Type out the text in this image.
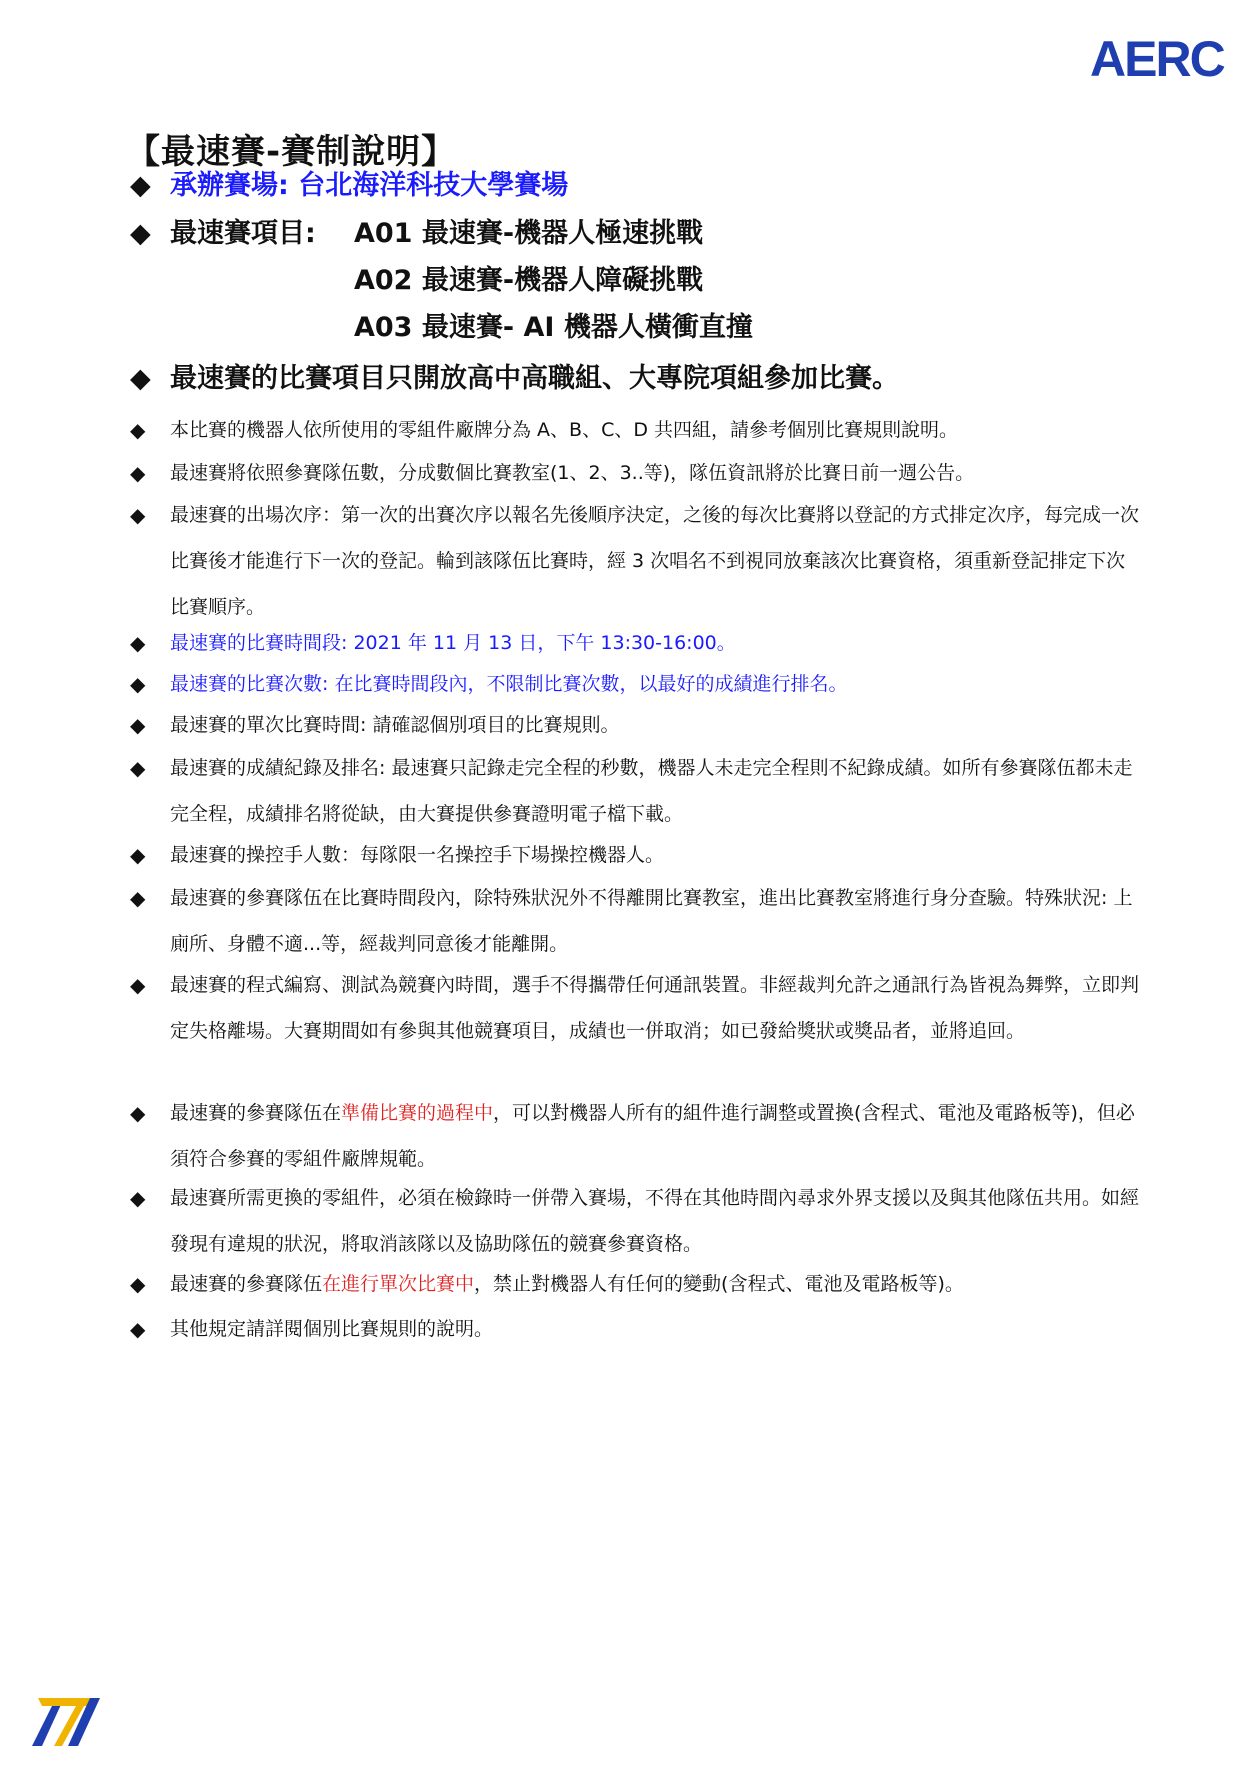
AERC
【最速賽-賽制說明】
◆ 承辦賽場: 台北海洋科技大學賽場
◆ 最速賽項目: A01 最速賽-機器人極速挑戰
A02 最速賽-機器人障礙挑戰
A03 最速賽- AI 機器人橫衝直撞
◆ 最速賽的比賽項目只開放高中高職組、大專院項組參加比賽。
◆	本比賽的機器人依所使用的零組件廠牌分為 A、B、C、D 共四組，請參考個別比賽規則說明。
◆	最速賽將依照參賽隊伍數，分成數個比賽教室(1、2、3..等)，隊伍資訊將於比賽日前一週公告。
◆	最速賽的出場次序：第一次的出賽次序以報名先後順序決定，之後的每次比賽將以登記的方式排定次序，每完成一次比賽後才能進行下一次的登記。輪到該隊伍比賽時，經 3 次唱名不到視同放棄該次比賽資格，須重新登記排定下次比賽順序。
◆	最速賽的比賽時間段: 2021 年 11 月 13 日，下午 13:30-16:00。
◆	最速賽的比賽次數: 在比賽時間段內，不限制比賽次數，以最好的成績進行排名。
◆	最速賽的單次比賽時間: 請確認個別項目的比賽規則。
◆	最速賽的成績紀錄及排名: 最速賽只記錄走完全程的秒數，機器人未走完全程則不紀錄成績。如所有參賽隊伍都未走完全程，成績排名將從缺，由大賽提供參賽證明電子檔下載。
◆	最速賽的操控手人數：每隊限一名操控手下場操控機器人。
◆	最速賽的參賽隊伍在比賽時間段內，除特殊狀況外不得離開比賽教室，進出比賽教室將進行身分查驗。特殊狀況: 上廁所、身體不適...等，經裁判同意後才能離開。
◆	最速賽的程式編寫、測試為競賽內時間，選手不得攜帶任何通訊裝置。非經裁判允許之通訊行為皆視為舞弊，立即判定失格離場。大賽期間如有參與其他競賽項目，成績也一併取消；如已發給獎狀或獎品者，並將追回。
◆	最速賽的參賽隊伍在準備比賽的過程中，可以對機器人所有的組件進行調整或置換(含程式、電池及電路板等)，但必須符合參賽的零組件廠牌規範。
◆	最速賽所需更換的零組件，必須在檢錄時一併帶入賽場，不得在其他時間內尋求外界支援以及與其他隊伍共用。如經發現有違規的狀況，將取消該隊以及協助隊伍的競賽參賽資格。
◆	最速賽的參賽隊伍在進行單次比賽中，禁止對機器人有任何的變動(含程式、電池及電路板等)。
◆	其他規定請詳閱個別比賽規則的說明。
